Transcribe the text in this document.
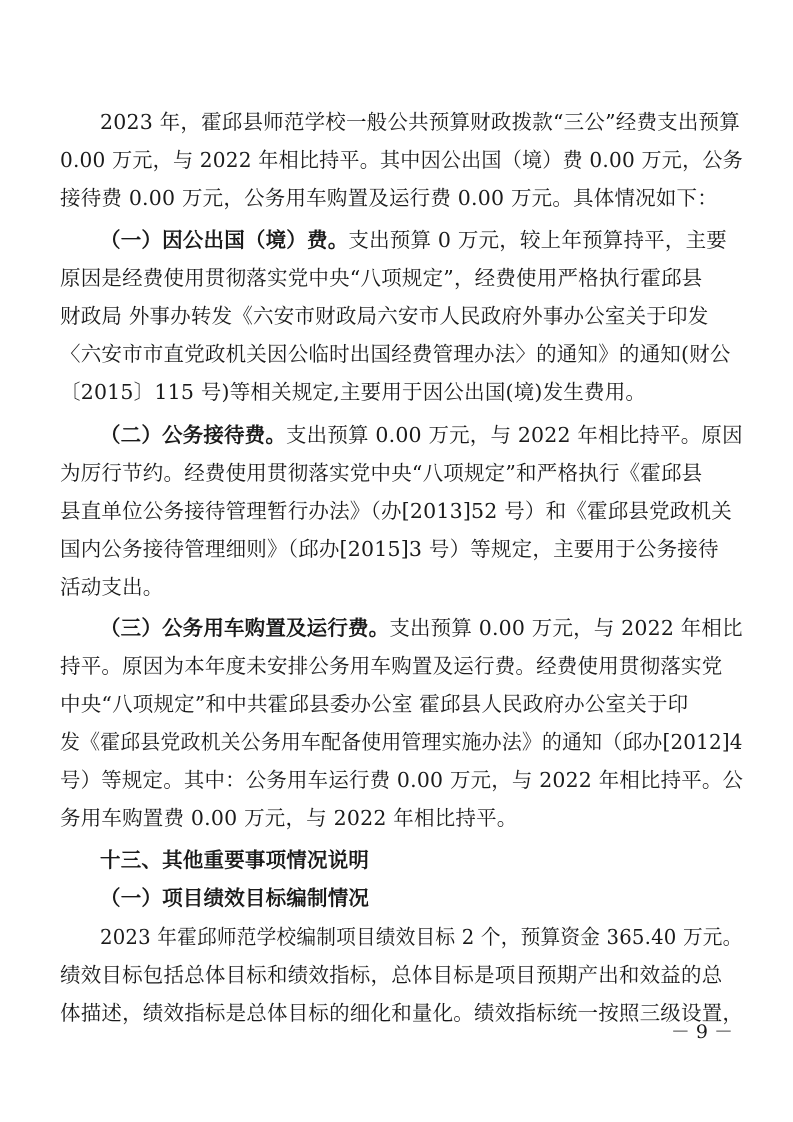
2023 年，霍邱县师范学校一般公共预算财政拨款“三公”经费支出预算
0.00 万元，与 2022 年相比持平。其中因公出国（境）费 0.00 万元，公务
接待费 0.00 万元，公务用车购置及运行费 0.00 万元。具体情况如下：
（一）因公出国（境）费。支出预算 0 万元，较上年预算持平，主要
原因是经费使用贯彻落实党中央“八项规定”，经费使用严格执行霍邱县
财政局 外事办转发《六安市财政局六安市人民政府外事办公室关于印发
〈六安市市直党政机关因公临时出国经费管理办法〉的通知》的通知(财公
〔2015〕115 号)等相关规定,主要用于因公出国(境)发生费用。
（二）公务接待费。支出预算 0.00 万元，与 2022 年相比持平。原因
为厉行节约。经费使用贯彻落实党中央“八项规定”和严格执行《霍邱县
县直单位公务接待管理暂行办法》（办[2013]52 号）和《霍邱县党政机关
国内公务接待管理细则》（邱办[2015]3 号）等规定，主要用于公务接待
活动支出。
（三）公务用车购置及运行费。支出预算 0.00 万元，与 2022 年相比
持平。原因为本年度未安排公务用车购置及运行费。经费使用贯彻落实党
中央“八项规定”和中共霍邱县委办公室 霍邱县人民政府办公室关于印
发《霍邱县党政机关公务用车配备使用管理实施办法》的通知（邱办[2012]4
号）等规定。其中：公务用车运行费 0.00 万元，与 2022 年相比持平。公
务用车购置费 0.00 万元，与 2022 年相比持平。
十三、其他重要事项情况说明
（一）项目绩效目标编制情况
2023 年霍邱师范学校编制项目绩效目标 2 个，预算资金 365.40 万元。
绩效目标包括总体目标和绩效指标，总体目标是项目预期产出和效益的总
体描述，绩效指标是总体目标的细化和量化。绩效指标统一按照三级设置，
－ 9 －
